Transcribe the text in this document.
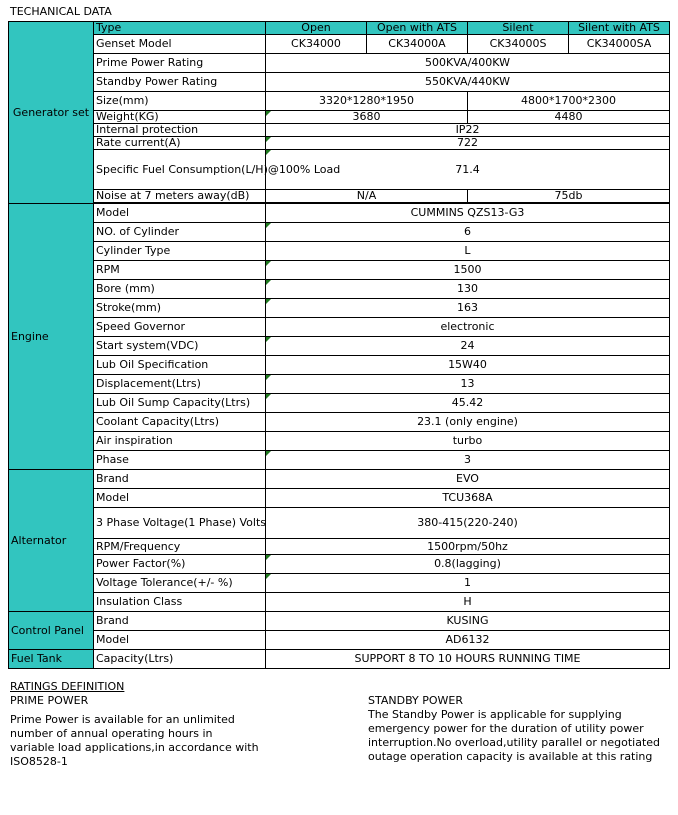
TECHANICAL DATA
Generator set	Type	Open	Open with ATS	Silent	Silent with ATS
	Genset Model	CK34000	CK34000A	CK34000S	CK34000SA
	Prime Power Rating	500KVA/400KW			
	Standby Power Rating	550KVA/440KW			
	Size(mm)	3320*1280*1950		4800*1700*2300	
	Weight(KG)	3680		4480	
	Internal protection	IP22			
	Rate current(A)	722			
	Specific Fuel Consumption(L/H)@100% Load	71.4			
	Noise at 7 meters away(dB)	N/A		75db	

Engine	Model	CUMMINS QZS13-G3			
	NO. of Cylinder	6			
	Cylinder Type	L			
	RPM	1500			
	Bore (mm)	130			
	Stroke(mm)	163			
	Speed Governor	electronic			
	Start system(VDC)	24			
	Lub Oil Specification	15W40			
	Displacement(Ltrs)	13			
	Lub Oil Sump Capacity(Ltrs)	45.42			
	Coolant Capacity(Ltrs)	23.1 (only engine)			
	Air inspiration	turbo			
	Phase	3			
Alternator	Brand	EVO			
	Model	TCU368A			
	3 Phase Voltage(1 Phase) Volts	380-415(220-240)			
	RPM/Frequency	1500rpm/50hz			
	Power Factor(%)	0.8(lagging)			
	Voltage Tolerance(+/- %)	1			
	Insulation Class	H			
Control Panel	Brand	KUSING			
	Model	AD6132			
Fuel Tank	Capacity(Ltrs)	SUPPORT 8 TO 10 HOURS RUNNING TIME			
RATINGS DEFINITION
PRIME POWER
Prime Power is available for an unlimited number of annual operating hours in variable load applications,in accordance with ISO8528-1
STANDBY POWER
The Standby Power is applicable for supplying emergency power for the duration of utility power interruption.No overload,utility parallel or negotiated outage operation capacity is available at this rating
